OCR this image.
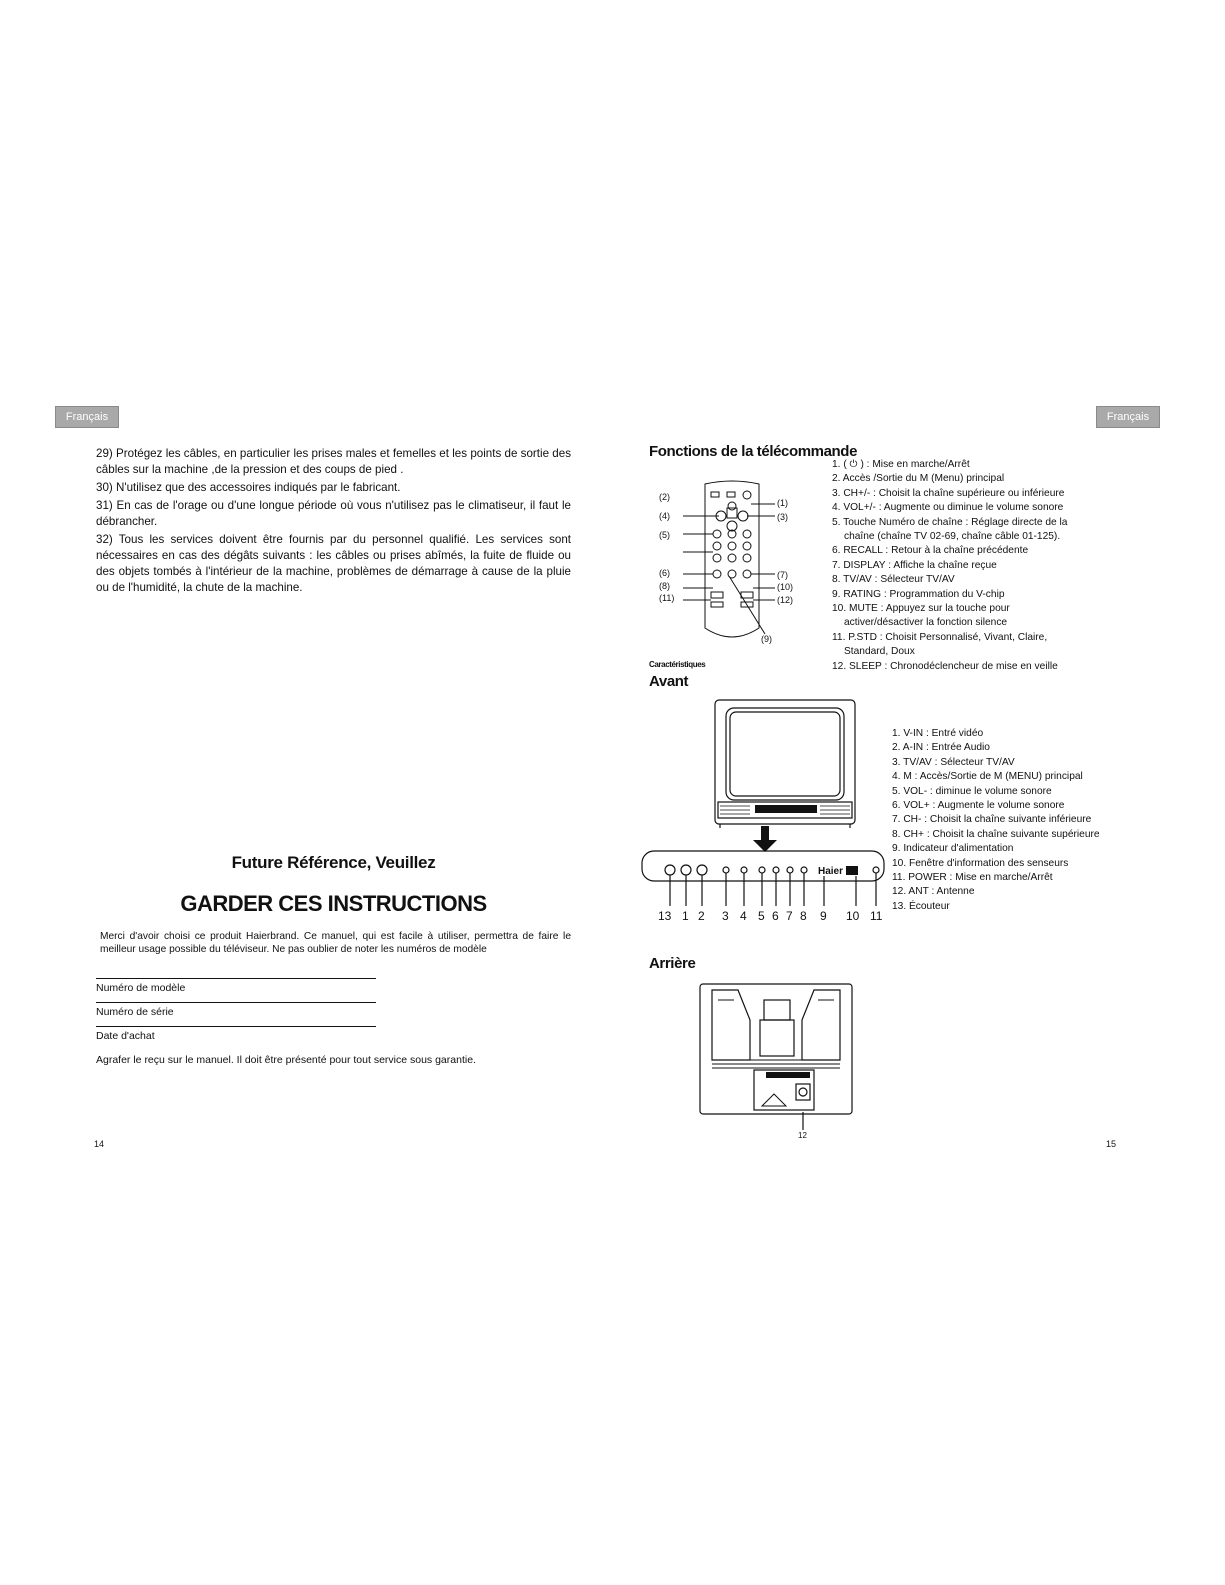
Français	Français

29) Protégez les câbles, en particulier les prises males et femelles et les points de sortie des câbles sur la machine ,de la pression et des coups de pied .

30) N'utilisez que des accessoires indiqués par le fabricant.

31) En cas de l'orage ou d'une longue période où vous n'utilisez pas le climatiseur, il faut le débrancher.

32) Tous les services doivent être fournis par du personnel qualifié. Les services sont nécessaires en cas des dégâts suivants : les câbles ou prises abîmés, la fuite de fluide ou des objets tombés à l'intérieur de la machine, problèmes de démarrage à cause de la pluie ou de l'humidité, la chute de la machine.

Future Référence, Veuillez
GARDER CES INSTRUCTIONS
Merci d'avoir choisi ce produit Haierbrand. Ce manuel, qui est facile à utiliser, permettra de faire le meilleur usage possible du téléviseur. Ne pas oublier de noter les numéros de modèle
Numéro de modèle
Numéro de série
Date d'achat
Agrafer le reçu sur le manuel. Il doit être présenté pour tout service sous garantie.
14
Fonctions de la télécommande
(2)
(1)
(3)
(4)
(5)
(6)	(7)
(8)	(10)
(11)	(12)
(9)
1. ( ⏻ ) : Mise en marche/Arrêt
2. Accès /Sortie du M (Menu) principal
3. CH+/- : Choisit la chaîne supérieure ou inférieure
4. VOL+/- : Augmente ou diminue le volume sonore
5. Touche Numéro de chaîne : Réglage directe de la
chaîne (chaîne TV 02-69, chaîne câble 01-125).
6. RECALL : Retour à la chaîne précédente
7. DISPLAY : Affiche la chaîne reçue
8. TV/AV : Sélecteur TV/AV
9. RATING : Programmation du V-chip
10. MUTE : Appuyez sur la touche pour
activer/désactiver la fonction silence
11. P.STD : Choisit Personnalisé, Vivant, Claire,
Standard, Doux
12. SLEEP : Chronodéclencheur de mise en veille
Caractéristiques
Avant
Haier
13 1 2 3 4 5 6 7 8 9 10 11
1. V-IN : Entré vidéo
2. A-IN : Entrée Audio
3. TV/AV : Sélecteur TV/AV
4. M : Accès/Sortie de M (MENU) principal
5. VOL- : diminue le volume sonore
6. VOL+ : Augmente le volume sonore
7. CH- : Choisit la chaîne suivante inférieure
8. CH+ : Choisit la chaîne suivante supérieure
9. Indicateur d'alimentation
10. Fenêtre d'information des senseurs
11. POWER : Mise en marche/Arrêt
12. ANT : Antenne
13. Écouteur
Arrière
12
15
